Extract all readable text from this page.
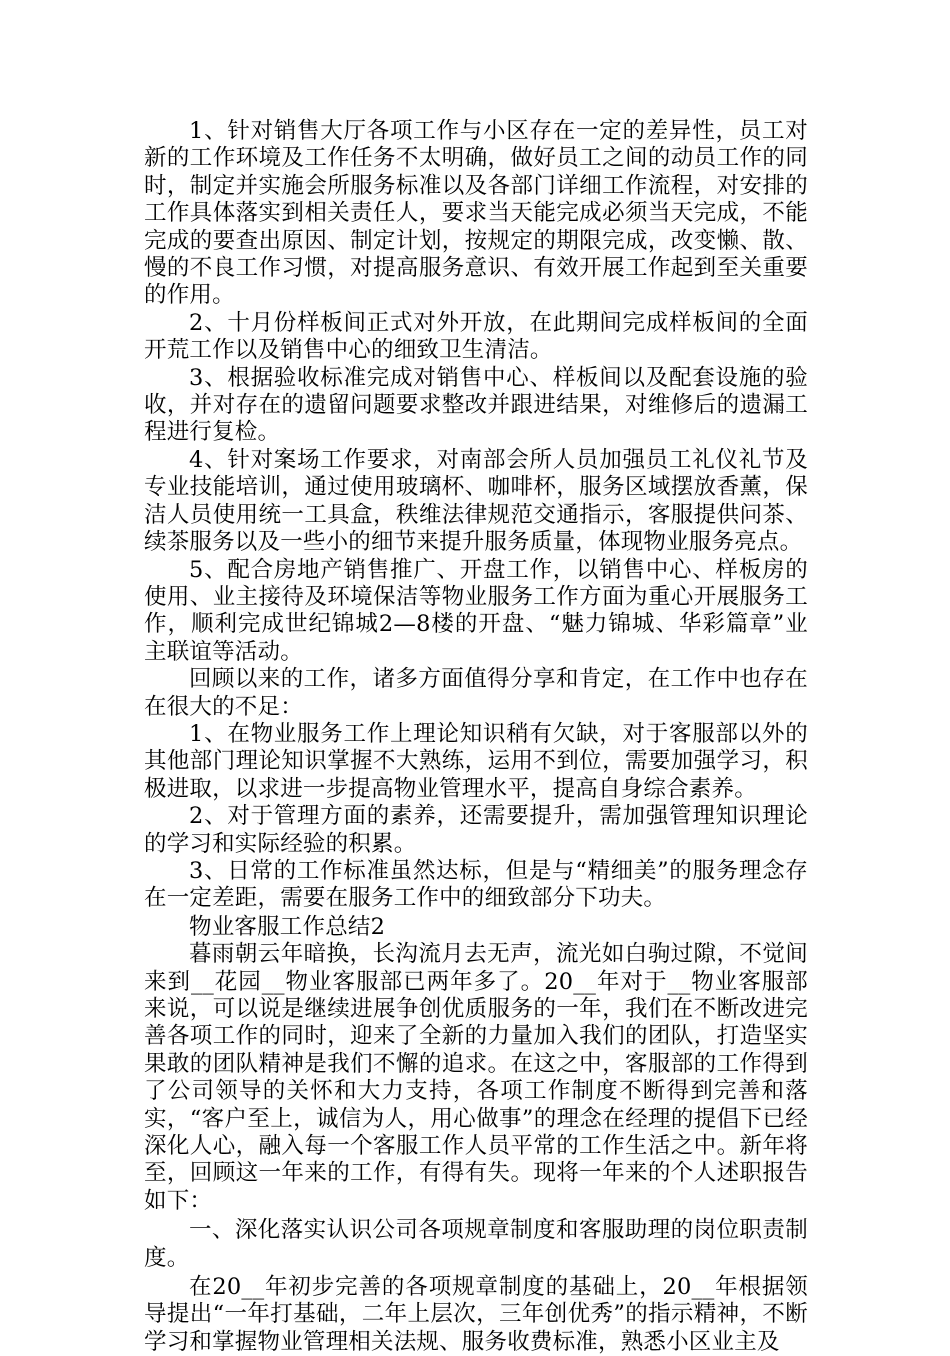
1、针对销售大厅各项工作与小区存在一定的差异性，员工对新的工作环境及工作任务不太明确，做好员工之间的动员工作的同时，制定并实施会所服务标准以及各部门详细工作流程，对安排的工作具体落实到相关责任人，要求当天能完成必须当天完成，不能完成的要查出原因、制定计划，按规定的期限完成，改变懒、散、慢的不良工作习惯，对提高服务意识、有效开展工作起到至关重要的作用。

2、十月份样板间正式对外开放，在此期间完成样板间的全面开荒工作以及销售中心的细致卫生清洁。

3、根据验收标准完成对销售中心、样板间以及配套设施的验收，并对存在的遗留问题要求整改并跟进结果，对维修后的遗漏工程进行复检。

4、针对案场工作要求，对南部会所人员加强员工礼仪礼节及专业技能培训，通过使用玻璃杯、咖啡杯，服务区域摆放香薰，保洁人员使用统一工具盒，秩维法律规范交通指示，客服提供问茶、续茶服务以及一些小的细节来提升服务质量，体现物业服务亮点。

5、配合房地产销售推广、开盘工作，以销售中心、样板房的使用、业主接待及环境保洁等物业服务工作方面为重心开展服务工作，顺利完成世纪锦城2—8楼的开盘、“魅力锦城、华彩篇章”业主联谊等活动。

回顾以来的工作，诸多方面值得分享和肯定，在工作中也存在在很大的不足：

1、在物业服务工作上理论知识稍有欠缺，对于客服部以外的其他部门理论知识掌握不大熟练，运用不到位，需要加强学习，积极进取，以求进一步提高物业管理水平，提高自身综合素养。

2、对于管理方面的素养，还需要提升，需加强管理知识理论的学习和实际经验的积累。

3、日常的工作标准虽然达标，但是与“精细美”的服务理念存在一定差距，需要在服务工作中的细致部分下功夫。

物业客服工作总结2

暮雨朝云年暗换，长沟流月去无声，流光如白驹过隙，不觉间来到__花园__物业客服部已两年多了。20__年对于__物业客服部来说，可以说是继续进展争创优质服务的一年，我们在不断改进完善各项工作的同时，迎来了全新的力量加入我们的团队，打造坚实果敢的团队精神是我们不懈的追求。在这之中，客服部的工作得到了公司领导的关怀和大力支持，各项工作制度不断得到完善和落实，“客户至上，诚信为人，用心做事”的理念在经理的提倡下已经深化人心，融入每一个客服工作人员平常的工作生活之中。新年将至，回顾这一年来的工作，有得有失。现将一年来的个人述职报告如下：

一、深化落实认识公司各项规章制度和客服助理的岗位职责制度。

在20__年初步完善的各项规章制度的基础上，20__年根据领导提出“一年打基础，二年上层次，三年创优秀”的指示精神，不断学习和掌握物业管理相关法规、服务收费标准，熟悉小区业主及
